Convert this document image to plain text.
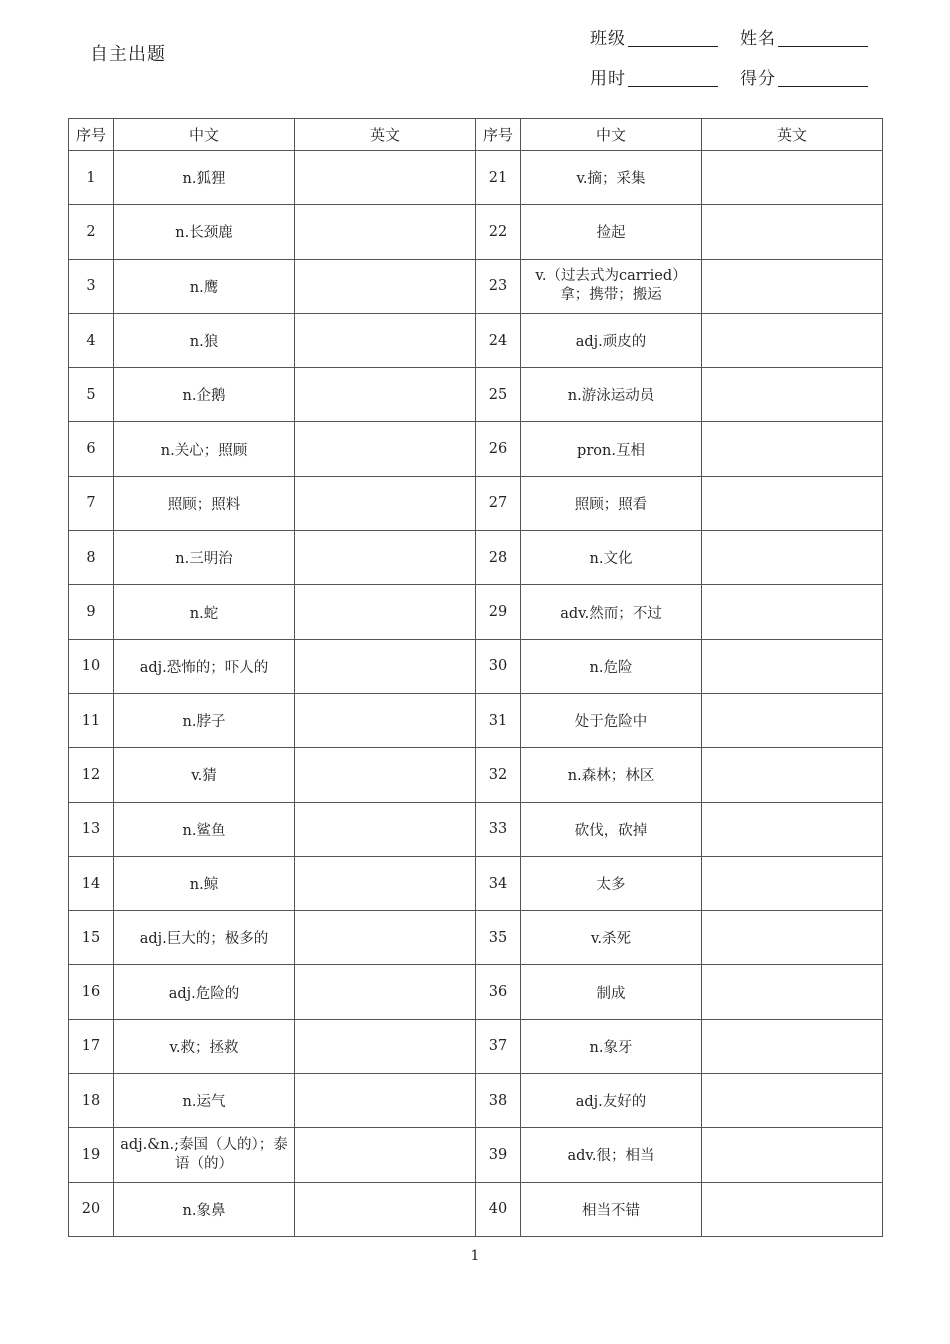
自主出题
班级	姓名
用时	得分
序号	中文	英文	序号	中文	英文
1	n.狐狸		21	v.摘；采集	
2	n.长颈鹿		22	捡起	
3	n.鹰		23	v.（过去式为carried）拿；携带；搬运	
4	n.狼		24	adj.顽皮的	
5	n.企鹅		25	n.游泳运动员	
6	n.关心；照顾		26	pron.互相	
7	照顾；照料		27	照顾；照看	
8	n.三明治		28	n.文化	
9	n.蛇		29	adv.然而；不过	
10	adj.恐怖的；吓人的		30	n.危险	
11	n.脖子		31	处于危险中	
12	v.猜		32	n.森林；林区	
13	n.鲨鱼		33	砍伐，砍掉	
14	n.鲸		34	太多	
15	adj.巨大的；极多的		35	v.杀死	
16	adj.危险的		36	制成	
17	v.救；拯救		37	n.象牙	
18	n.运气		38	adj.友好的	
19	adj.&n.;泰国（人的）；泰语（的）		39	adv.很；相当	
20	n.象鼻		40	相当不错	
1
